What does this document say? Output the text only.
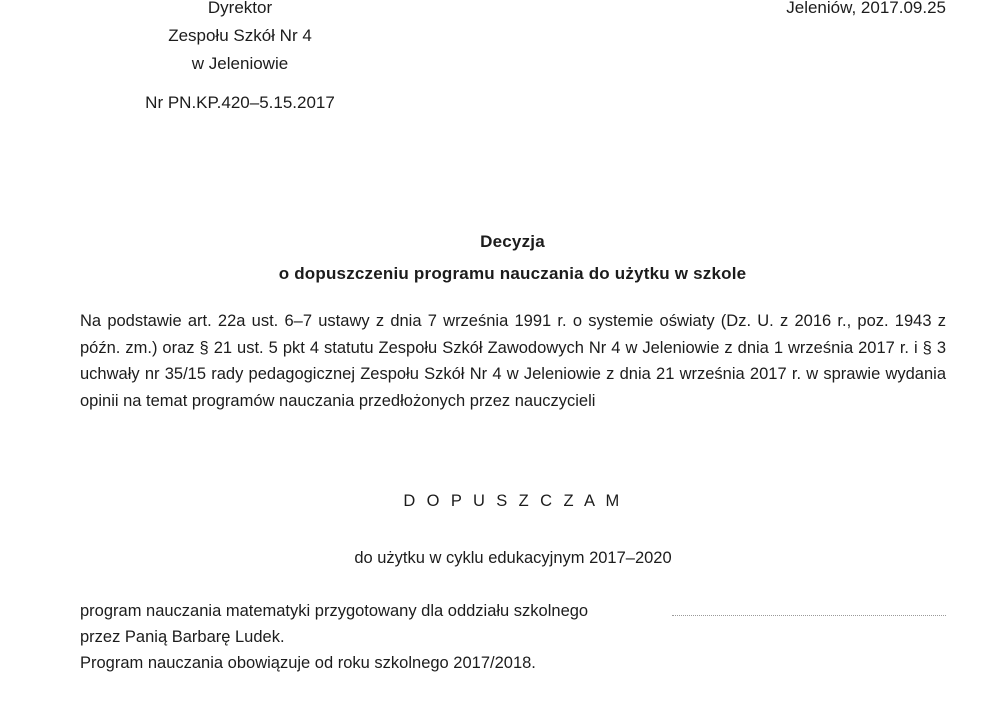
Dyrektor
Zespołu Szkół Nr 4
w Jeleniowie
Jeleniów, 2017.09.25
Nr PN.KP.420–5.15.2017
Decyzja
o dopuszczeniu programu nauczania do użytku w szkole
Na podstawie art. 22a ust. 6–7 ustawy z dnia 7 września 1991 r. o systemie oświaty (Dz. U. z 2016 r., poz. 1943 z późn. zm.) oraz § 21 ust. 5 pkt 4 statutu Zespołu Szkół Zawodowych Nr 4 w Jeleniowie z dnia 1 września 2017 r. i § 3 uchwały nr 35/15 rady pedagogicznej Zespołu Szkół Nr 4 w Jeleniowie z dnia 21 września 2017 r. w sprawie wydania opinii na temat programów nauczania przedłożonych przez nauczycieli
D O P U S Z C Z A M
do użytku w cyklu edukacyjnym 2017–2020
program nauczania matematyki przygotowany dla oddziału szkolnego
przez Panią Barbarę Ludek.
Program nauczania obowiązuje od roku szkolnego 2017/2018.
